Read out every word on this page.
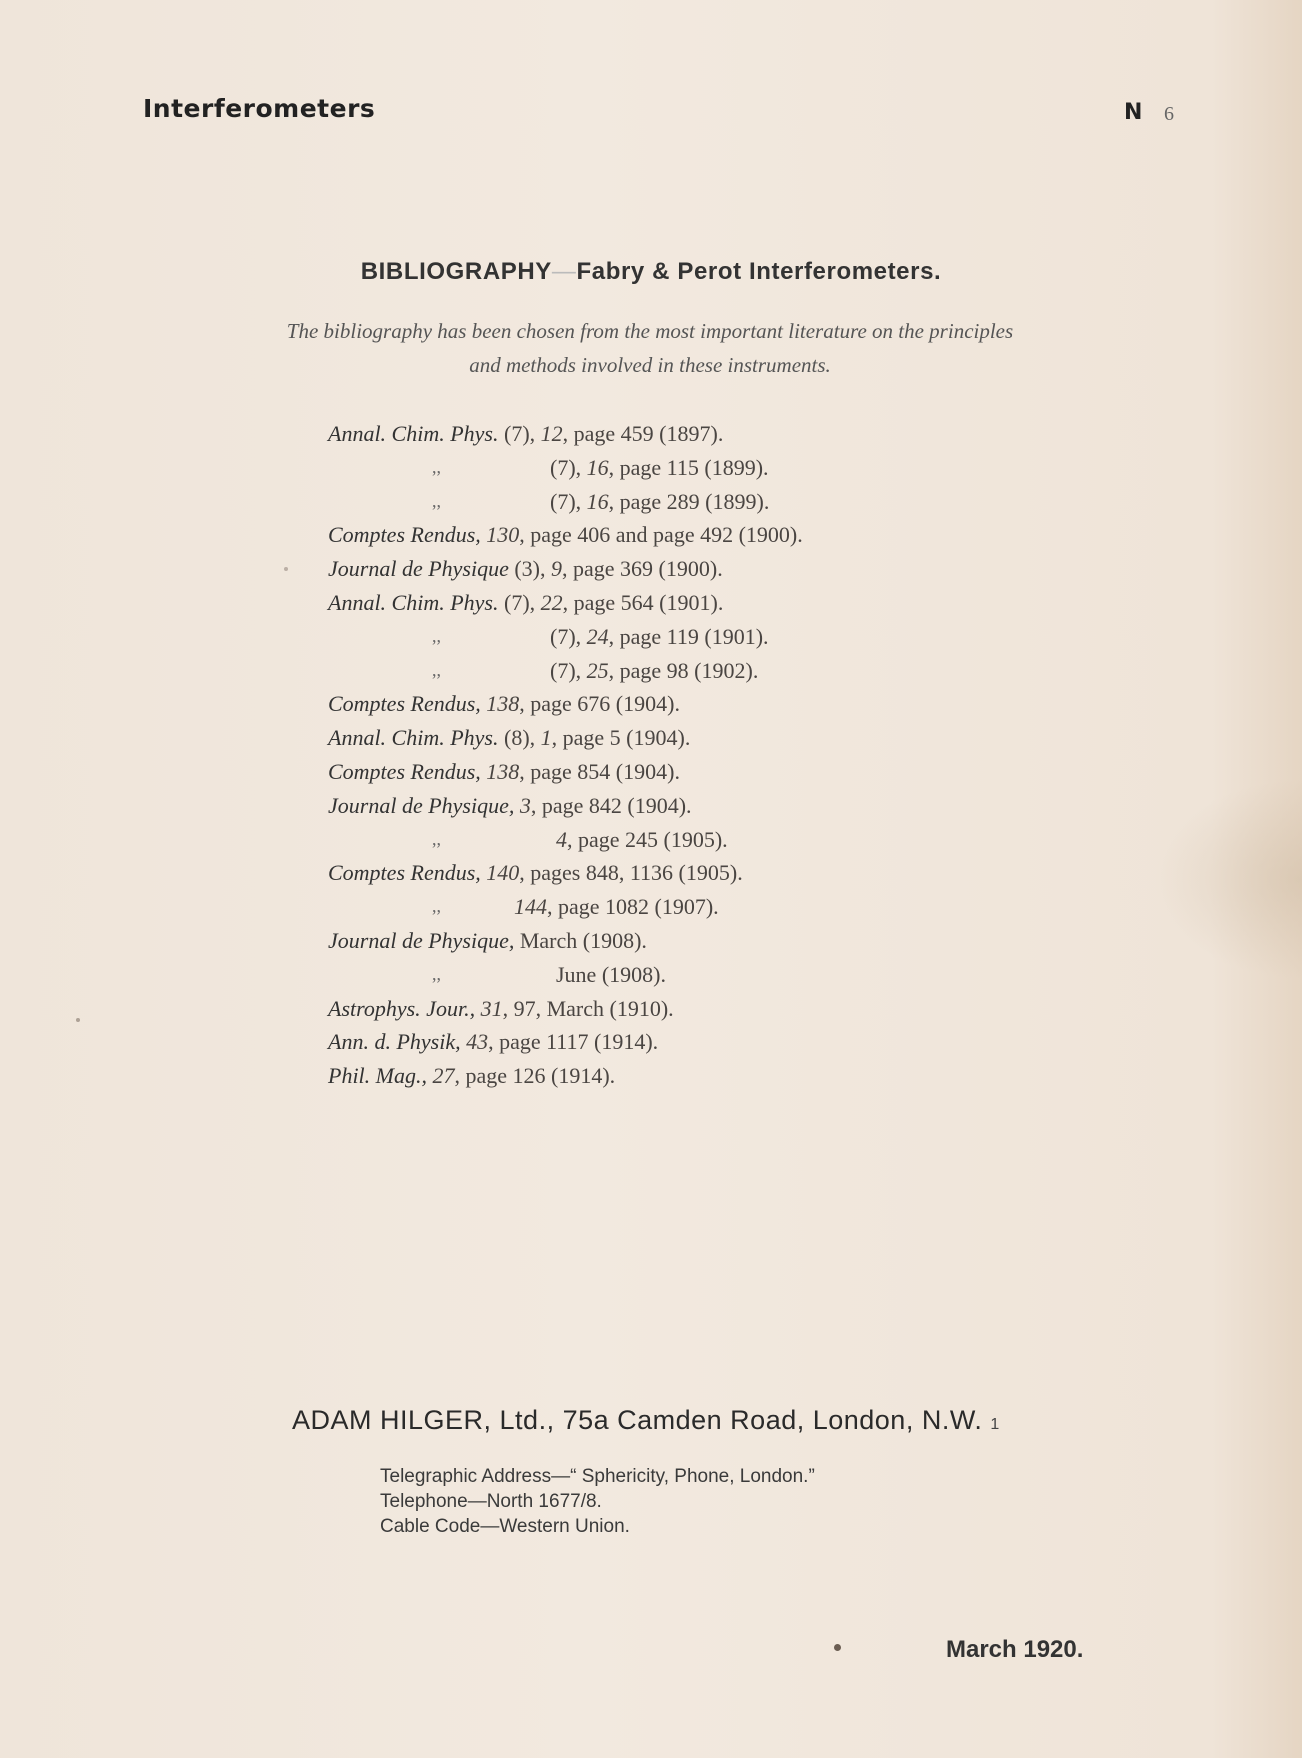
Interferometers	N 6
BIBLIOGRAPHY—Fabry & Perot Interferometers.
The bibliography has been chosen from the most important literature on the principles
and methods involved in these instruments.
Annal. Chim. Phys. (7), 12, page 459 (1897).
,,	(7), 16, page 115 (1899).
,,	(7), 16, page 289 (1899).
Comptes Rendus, 130, page 406 and page 492 (1900).
Journal de Physique (3), 9, page 369 (1900).
Annal. Chim. Phys. (7), 22, page 564 (1901).
,,	(7), 24, page 119 (1901).
,,	(7), 25, page 98 (1902).
Comptes Rendus, 138, page 676 (1904).
Annal. Chim. Phys. (8), 1, page 5 (1904).
Comptes Rendus, 138, page 854 (1904).
Journal de Physique, 3, page 842 (1904).
,,	4, page 245 (1905).
Comptes Rendus, 140, pages 848, 1136 (1905).
,,	144, page 1082 (1907).
Journal de Physique, March (1908).
,,	June (1908).
Astrophys. Jour., 31, 97, March (1910).
Ann. d. Physik, 43, page 1117 (1914).
Phil. Mag., 27, page 126 (1914).
ADAM HILGER, Ltd., 75a Camden Road, London, N.W. 1
Telegraphic Address—“ Sphericity, Phone, London.”
Telephone—North 1677/8.
Cable Code—Western Union.
March 1920.
